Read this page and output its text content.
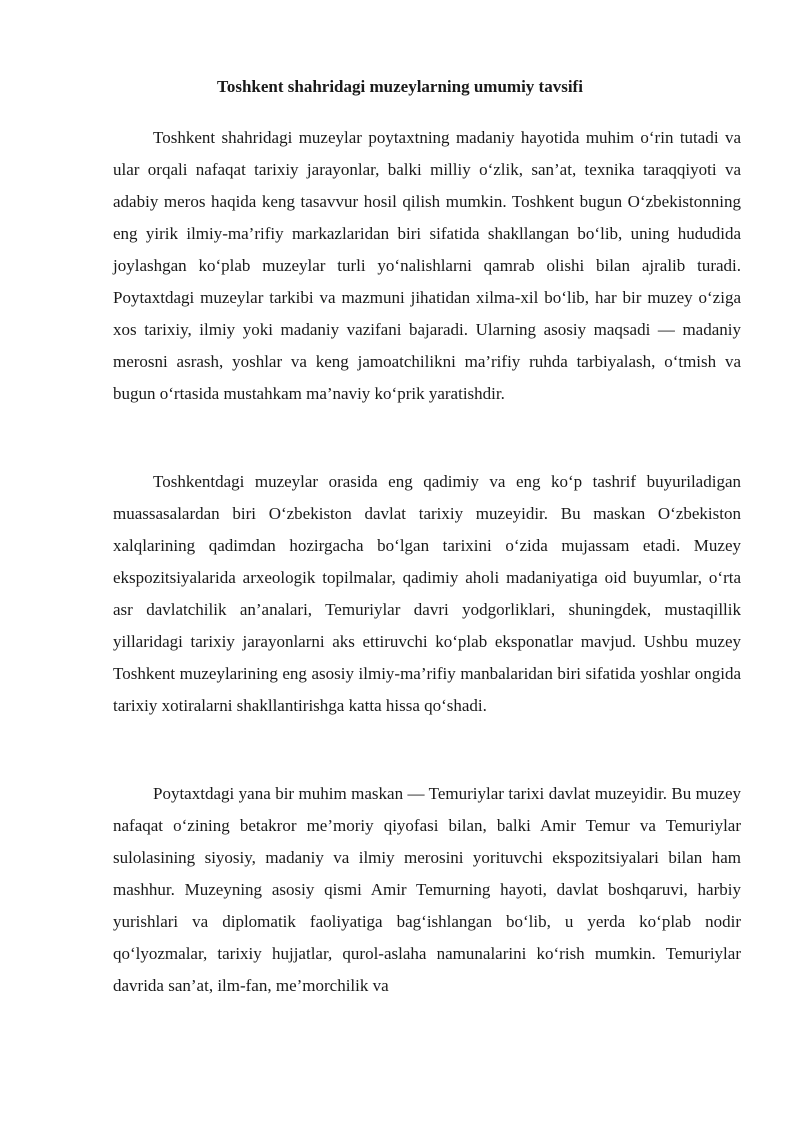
Toshkent shahridagi muzeylarning umumiy tavsifi

Toshkent shahridagi muzeylar poytaxtning madaniy hayotida muhim o‘rin tutadi va ular orqali nafaqat tarixiy jarayonlar, balki milliy o‘zlik, san’at, texnika taraqqiyoti va adabiy meros haqida keng tasavvur hosil qilish mumkin. Toshkent bugun O‘zbekistonning eng yirik ilmiy-ma’rifiy markazlaridan biri sifatida shakllangan bo‘lib, uning hududida joylashgan ko‘plab muzeylar turli yo‘nalishlarni qamrab olishi bilan ajralib turadi. Poytaxtdagi muzeylar tarkibi va mazmuni jihatidan xilma-xil bo‘lib, har bir muzey o‘ziga xos tarixiy, ilmiy yoki madaniy vazifani bajaradi. Ularning asosiy maqsadi — madaniy merosni asrash, yoshlar va keng jamoatchilikni ma’rifiy ruhda tarbiyalash, o‘tmish va bugun o‘rtasida mustahkam ma’naviy ko‘prik yaratishdir.

Toshkentdagi muzeylar orasida eng qadimiy va eng ko‘p tashrif buyuriladigan muassasalardan biri O‘zbekiston davlat tarixiy muzeyidir. Bu maskan O‘zbekiston xalqlarining qadimdan hozirgacha bo‘lgan tarixini o‘zida mujassam etadi. Muzey ekspozitsiyalarida arxeologik topilmalar, qadimiy aholi madaniyatiga oid buyumlar, o‘rta asr davlatchilik an’analari, Temuriylar davri yodgorliklari, shuningdek, mustaqillik yillaridagi tarixiy jarayonlarni aks ettiruvchi ko‘plab eksponatlar mavjud. Ushbu muzey Toshkent muzeylarining eng asosiy ilmiy-ma’rifiy manbalaridan biri sifatida yoshlar ongida tarixiy xotiralarni shakllantirishga katta hissa qo‘shadi.

Poytaxtdagi yana bir muhim maskan — Temuriylar tarixi davlat muzeyidir. Bu muzey nafaqat o‘zining betakror me’moriy qiyofasi bilan, balki Amir Temur va Temuriylar sulolasining siyosiy, madaniy va ilmiy merosini yorituvchi ekspozitsiyalari bilan ham mashhur. Muzeyning asosiy qismi Amir Temurning hayoti, davlat boshqaruvi, harbiy yurishlari va diplomatik faoliyatiga bag‘ishlangan bo‘lib, u yerda ko‘plab nodir qo‘lyozmalar, tarixiy hujjatlar, qurol-aslaha namunalarini ko‘rish mumkin. Temuriylar davrida san’at, ilm-fan, me’morchilik va
